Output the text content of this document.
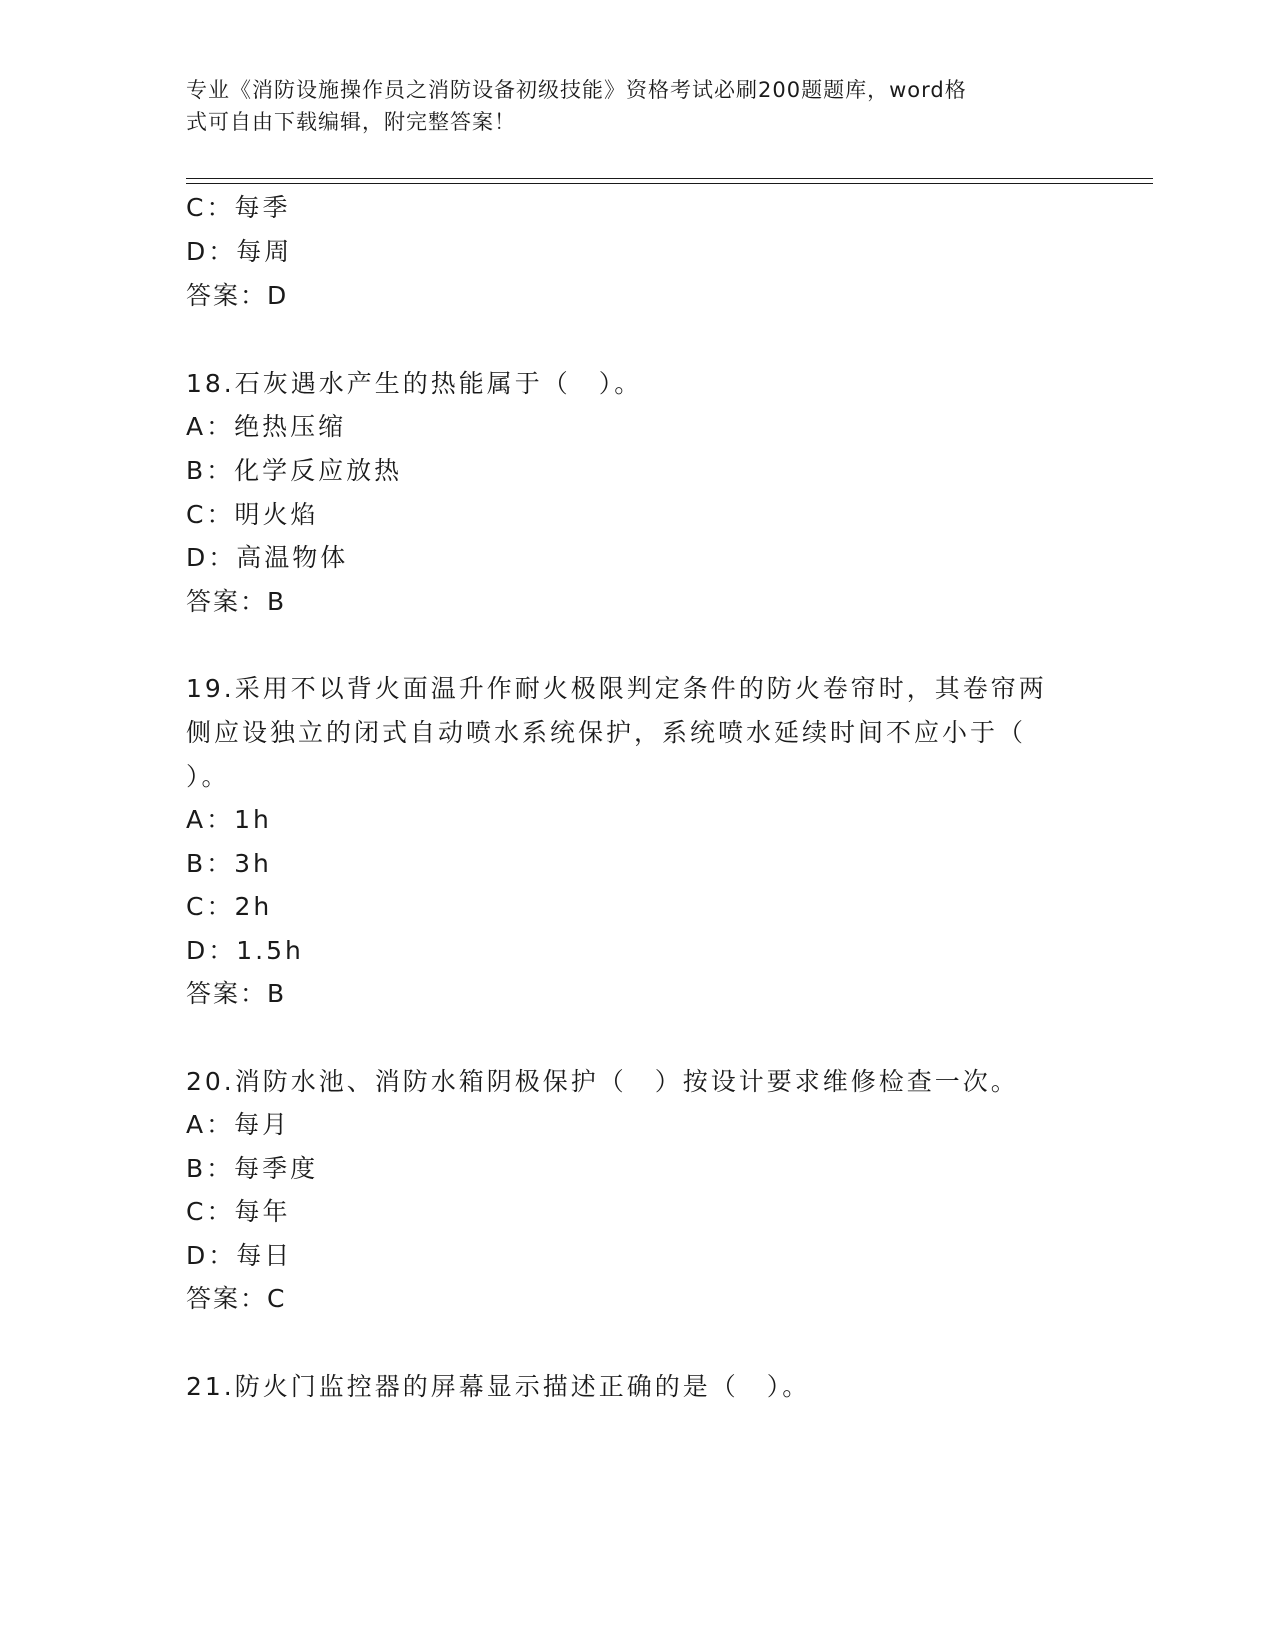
专业《消防设施操作员之消防设备初级技能》资格考试必刷200题题库，word格
式可自由下载编辑，附完整答案！
C：每季
D：每周
答案：D
18.石灰遇水产生的热能属于（　）。
A：绝热压缩
B：化学反应放热
C：明火焰
D：高温物体
答案：B
19.采用不以背火面温升作耐火极限判定条件的防火卷帘时，其卷帘两
侧应设独立的闭式自动喷水系统保护，系统喷水延续时间不应小于（
）。
A：1h
B：3h
C：2h
D：1.5h
答案：B
20.消防水池、消防水箱阴极保护（　）按设计要求维修检查一次。
A：每月
B：每季度
C：每年
D：每日
答案：C
21.防火门监控器的屏幕显示描述正确的是（　）。
